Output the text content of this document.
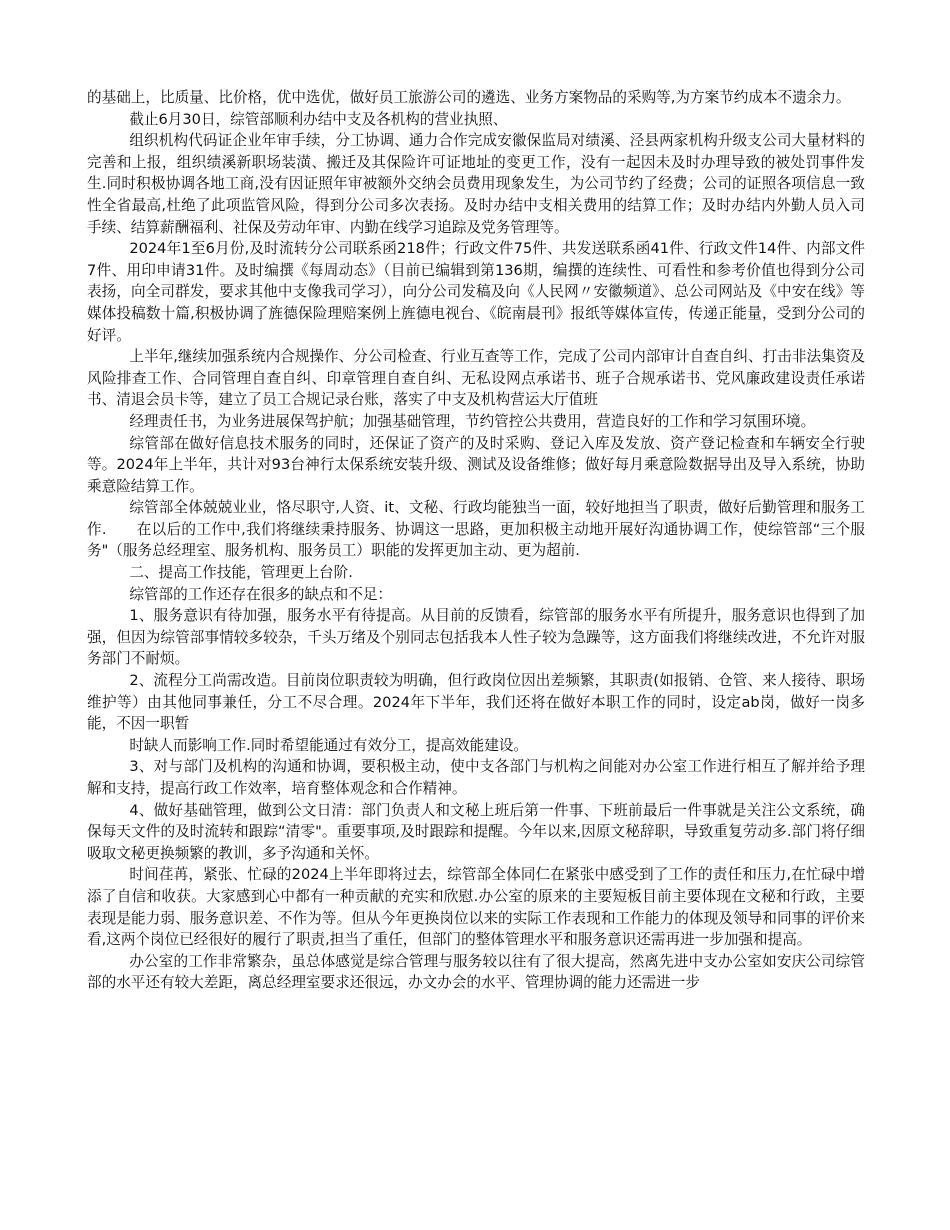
的基础上，比质量、比价格，优中选优，做好员工旅游公司的遴选、业务方案物品的采购等,为方案节约成本不遗余力。

截止6月30日，综管部顺利办结中支及各机构的营业执照、

组织机构代码证企业年审手续，分工协调、通力合作完成安徽保监局对绩溪、泾县两家机构升级支公司大量材料的完善和上报，组织绩溪新职场装潢、搬迁及其保险许可证地址的变更工作，没有一起因未及时办理导致的被处罚事件发生.同时积极协调各地工商,没有因证照年审被额外交纳会员费用现象发生，为公司节约了经费；公司的证照各项信息一致性全省最高,杜绝了此项监管风险，得到分公司多次表扬。及时办结中支相关费用的结算工作；及时办结内外勤人员入司手续、结算薪酬福利、社保及劳动年审、内勤在线学习追踪及党务管理等。

2024年1至6月份,及时流转分公司联系函218件；行政文件75件、共发送联系函41件、行政文件14件、内部文件7件、用印申请31件。及时编撰《每周动态》（目前已编辑到第136期，编撰的连续性、可看性和参考价值也得到分公司表扬，向全司群发，要求其他中支像我司学习），向分公司发稿及向《人民网〃安徽频道》、总公司网站及《中安在线》等媒体投稿数十篇,积极协调了旌德保险理赔案例上旌德电视台、《皖南晨刊》报纸等媒体宣传，传递正能量，受到分公司的好评。

上半年,继续加强系统内合规操作、分公司检查、行业互查等工作，完成了公司内部审计自查自纠、打击非法集资及风险排查工作、合同管理自查自纠、印章管理自查自纠、无私设网点承诺书、班子合规承诺书、党风廉政建设责任承诺书、清退会员卡等，建立了员工合规记录台账，落实了中支及机构营运大厅值班

经理责任书，为业务进展保驾护航；加强基础管理，节约管控公共费用，营造良好的工作和学习氛围环境。

综管部在做好信息技术服务的同时，还保证了资产的及时采购、登记入库及发放、资产登记检查和车辆安全行驶等。2024年上半年，共计对93台神行太保系统安装升级、测试及设备维修；做好每月乘意险数据导出及导入系统，协助乘意险结算工作。

综管部全体兢兢业业，恪尽职守,人资、it、文秘、行政均能独当一面，较好地担当了职责，做好后勤管理和服务工作.　　在以后的工作中,我们将继续秉持服务、协调这一思路，更加积极主动地开展好沟通协调工作，使综管部“三个服务"（服务总经理室、服务机构、服务员工）职能的发挥更加主动、更为超前.

二、提高工作技能，管理更上台阶.

综管部的工作还存在很多的缺点和不足：

1、服务意识有待加强，服务水平有待提高。从目前的反馈看，综管部的服务水平有所提升，服务意识也得到了加强，但因为综管部事情较多较杂，千头万绪及个别同志包括我本人性子较为急躁等，这方面我们将继续改进，不允许对服务部门不耐烦。

2、流程分工尚需改造。目前岗位职责较为明确，但行政岗位因出差频繁，其职责(如报销、仓管、来人接待、职场维护等）由其他同事兼任，分工不尽合理。2024年下半年，我们还将在做好本职工作的同时，设定ab岗，做好一岗多能，不因一职暂

时缺人而影响工作.同时希望能通过有效分工，提高效能建设。

3、对与部门及机构的沟通和协调，要积极主动，使中支各部门与机构之间能对办公室工作进行相互了解并给予理解和支持，提高行政工作效率，培育整体观念和合作精神。

4、做好基础管理，做到公文日清：部门负责人和文秘上班后第一件事、下班前最后一件事就是关注公文系统，确保每天文件的及时流转和跟踪“清零"。重要事项,及时跟踪和提醒。今年以来,因原文秘辞职，导致重复劳动多.部门将仔细吸取文秘更换频繁的教训，多予沟通和关怀。

时间荏苒，紧张、忙碌的2024上半年即将过去，综管部全体同仁在紧张中感受到了工作的责任和压力,在忙碌中增添了自信和收获。大家感到心中都有一种贡献的充实和欣慰.办公室的原来的主要短板目前主要体现在文秘和行政，主要表现是能力弱、服务意识差、不作为等。但从今年更换岗位以来的实际工作表现和工作能力的体现及领导和同事的评价来看,这两个岗位已经很好的履行了职责,担当了重任，但部门的整体管理水平和服务意识还需再进一步加强和提高。

办公室的工作非常繁杂，虽总体感觉是综合管理与服务较以往有了很大提高，然离先进中支办公室如安庆公司综管部的水平还有较大差距，离总经理室要求还很远，办文办会的水平、管理协调的能力还需进一步
